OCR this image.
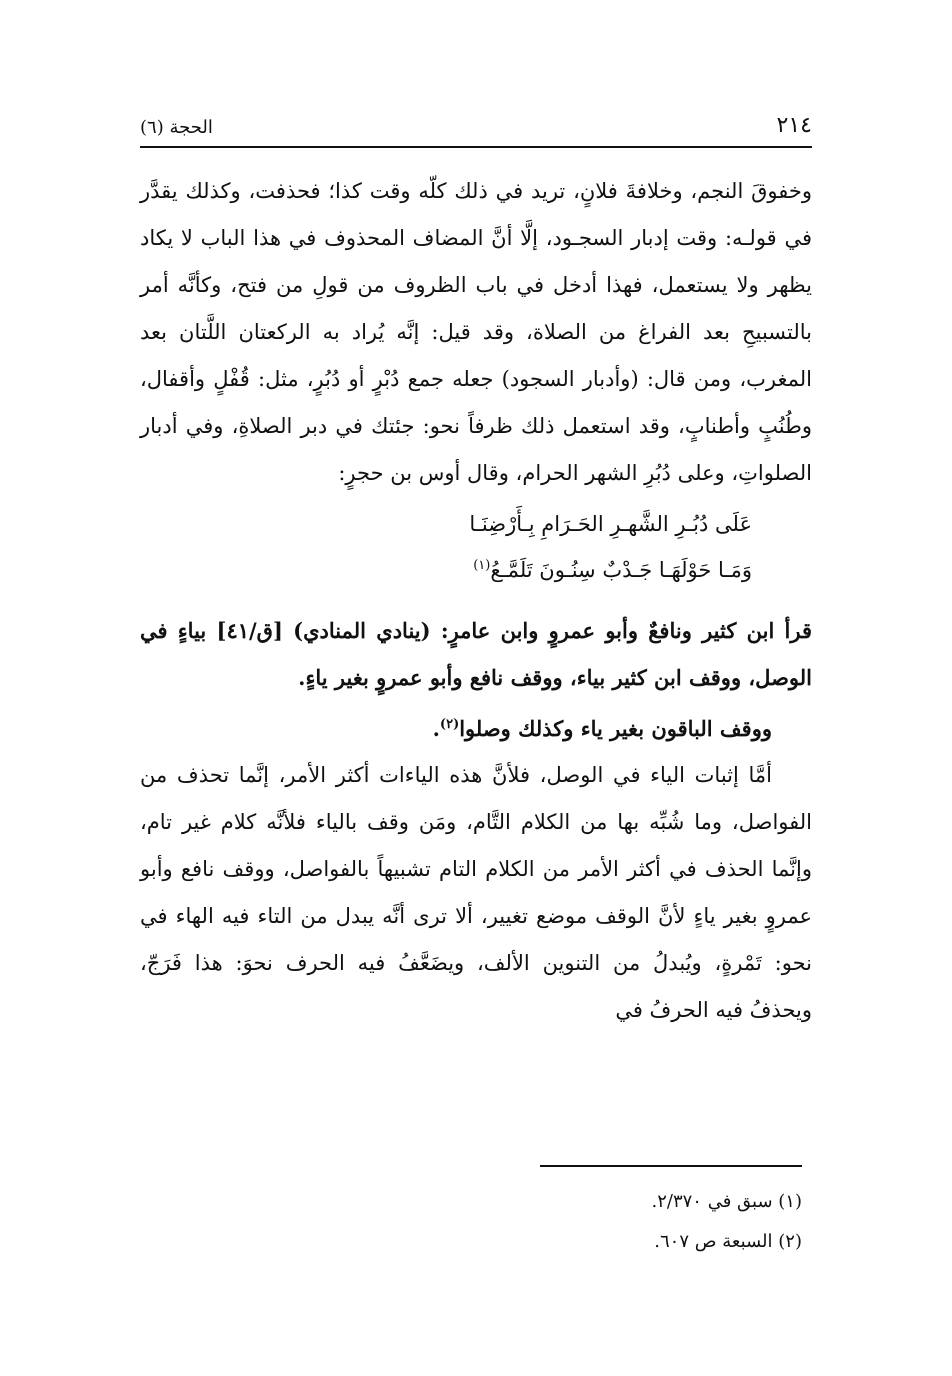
٢١٤
الحجة (٦)

وخفوقَ النجم، وخلافةَ فلانٍ، تريد في ذلك كلّه وقت كذا؛ فحذفت، وكذلك يقدَّر في قولـه: وقت إدبار السجـود، إلَّا أنَّ المضاف المحذوف في هذا الباب لا يكاد يظهر ولا يستعمل، فهذا أدخل في باب الظروف من قولِ من فتح، وكأنَّه أمر بالتسبيحِ بعد الفراغ من الصلاة، وقد قيل: إنَّه يُراد به الركعتان اللَّتان بعد المغرب، ومن قال: (وأدبار السجود) جعله جمع دُبْرٍ أو دُبُرٍ، مثل: قُفْلٍ وأقفال، وطُنُبٍ وأطنابٍ، وقد استعمل ذلك ظرفاً نحو: جئتك في دبر الصلاةِ، وفي أدبار الصلواتِ، وعلى دُبُرِ الشهر الحرام، وقال أوس بن حجرٍ:

عَلَى دُبُـرِ الشَّهـرِ الحَـرَامِ بِـأَرْضِنَـا
وَمَـا حَوْلَهَـا جَـدْبٌ سِنُـونَ تَلَمَّـعُ$^{(١)}$

قرأ ابن كثير ونافعٌ وأبو عمروٍ وابن عامرٍ: (ينادي المنادي) [ق/٤١] بياءٍ في الوصل، ووقف ابن كثير بياء، ووقف نافع وأبو عمروٍ بغير ياءٍ.

ووقف الباقون بغير ياء وكذلك وصلوا$^{(٢)}$.

أمَّا إثبات الياء في الوصل، فلأنَّ هذه الياءات أكثر الأمر، إنَّما تحذف من الفواصل، وما شُبِّه بها من الكلام التَّام، ومَن وقف بالياء فلأنَّه كلام غير تام، وإنَّما الحذف في أكثر الأمر من الكلام التام تشبيهاً بالفواصل، ووقف نافع وأبو عمروٍ بغير ياءٍ لأنَّ الوقف موضع تغيير، ألا ترى أنَّه يبدل من التاء فيه الهاء في نحو: تَمْرةٍ، ويُبدلُ من التنوين الألف، ويضَعَّفُ فيه الحرف نحوَ: هذا فَرَجّ، ويحذفُ فيه الحرفُ في

(١) سبق في ٢/٣٧٠.
(٢) السبعة ص ٦٠٧.
